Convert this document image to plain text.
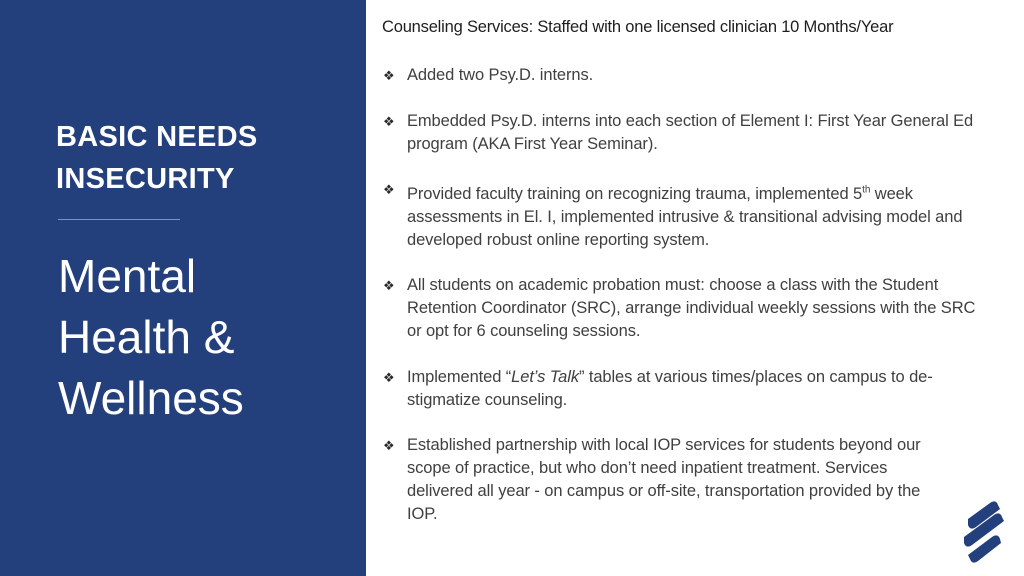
BASIC NEEDS
INSECURITY
Mental
Health &
Wellness

Counseling Services: Staffed with one licensed clinician 10 Months/Year

❖ Added two Psy.D. interns.
❖ Embedded Psy.D. interns into each section of Element I: First Year General Ed program (AKA First Year Seminar).
❖ Provided faculty training on recognizing trauma, implemented 5th week assessments in El. I, implemented intrusive & transitional advising model and developed robust online reporting system.
❖ All students on academic probation must: choose a class with the Student Retention Coordinator (SRC), arrange individual weekly sessions with the SRC or opt for 6 counseling sessions.
❖ Implemented “Let’s Talk” tables at various times/places on campus to de-stigmatize counseling.
❖ Established partnership with local IOP services for students beyond our scope of practice, but who don’t need inpatient treatment. Services delivered all year - on campus or off-site, transportation provided by the IOP.
